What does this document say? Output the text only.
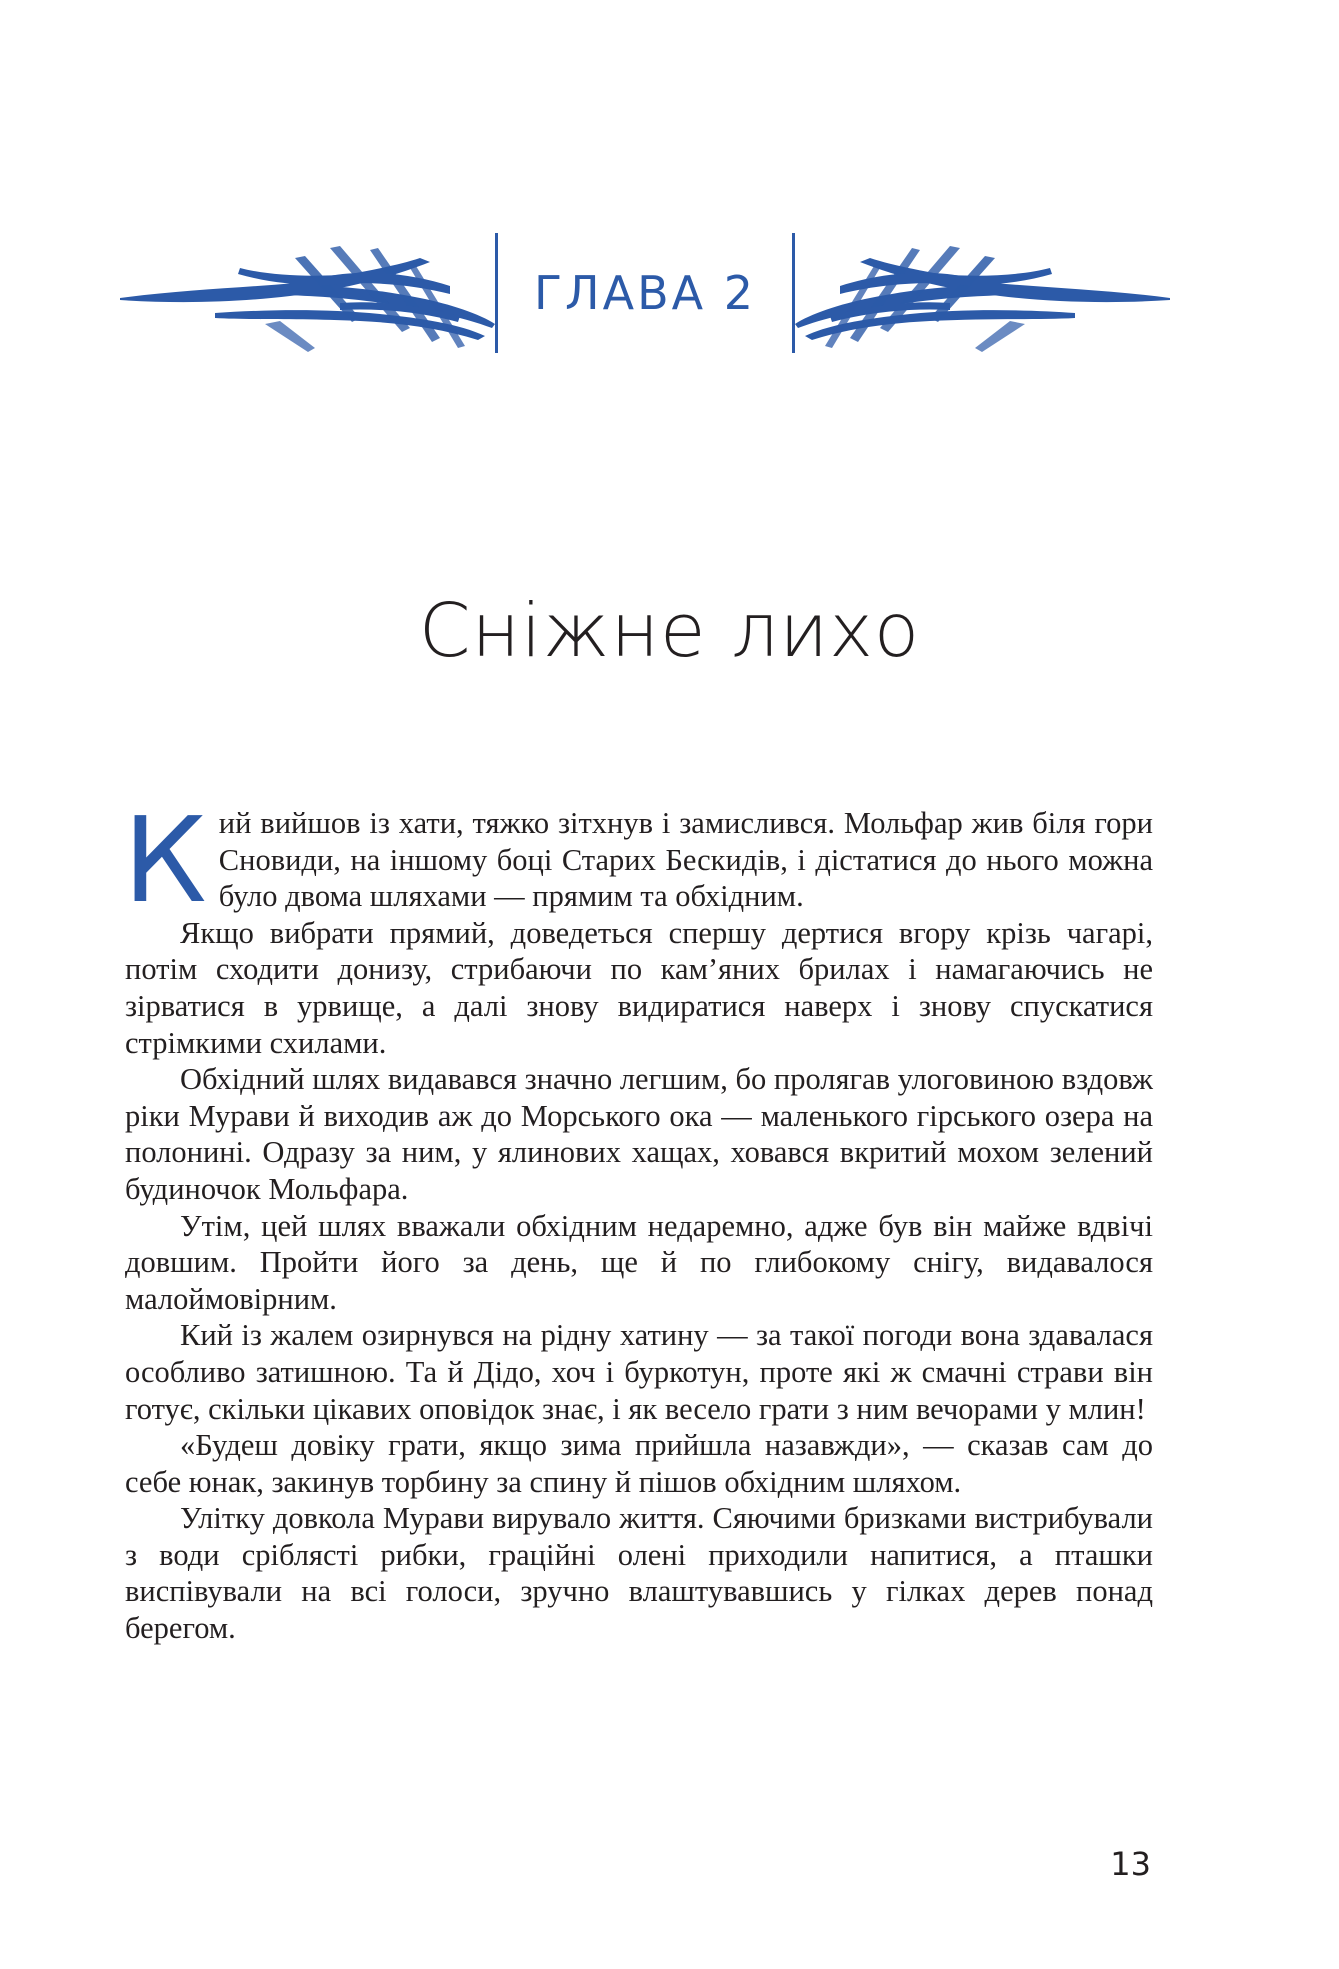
ГЛАВА 2
Сніжне лихо

Кий вийшов із хати, тяжко зітхнув і замислився. Мольфар жив біля гори Сновиди, на іншому боці Старих Бескидів, і дістатися до нього можна було двома шляхами — прямим та обхідним.

Якщо вибрати прямий, доведеться спершу дертися вгору крізь чагарі, потім сходити донизу, стрибаючи по кам’яних брилах і намагаючись не зірватися в урвище, а далі знову видиратися наверх і знову спускатися стрімкими схилами.

Обхідний шлях видавався значно легшим, бо пролягав улоговиною вздовж ріки Мурави й виходив аж до Морського ока — маленького гірського озера на полонині. Одразу за ним, у ялинових хащах, ховався вкритий мохом зелений будиночок Мольфара.

Утім, цей шлях вважали обхідним недаремно, адже був він майже вдвічі довшим. Пройти його за день, ще й по глибокому снігу, видавалося малоймовірним.

Кий із жалем озирнувся на рідну хатину — за такої погоди вона здавалася особливо затишною. Та й Дідо, хоч і буркотун, проте які ж смачні страви він готує, скільки цікавих оповідок знає, і як весело грати з ним вечорами у млин!

«Будеш довіку грати, якщо зима прийшла назавжди», — сказав сам до себе юнак, закинув торбину за спину й пішов обхідним шляхом.

Улітку довкола Мурави вирувало життя. Сяючими бризками вистрибували з води сріблясті рибки, граційні олені приходили напитися, а пташки виспівували на всі голоси, зручно влаштувавшись у гілках дерев понад берегом.

13
